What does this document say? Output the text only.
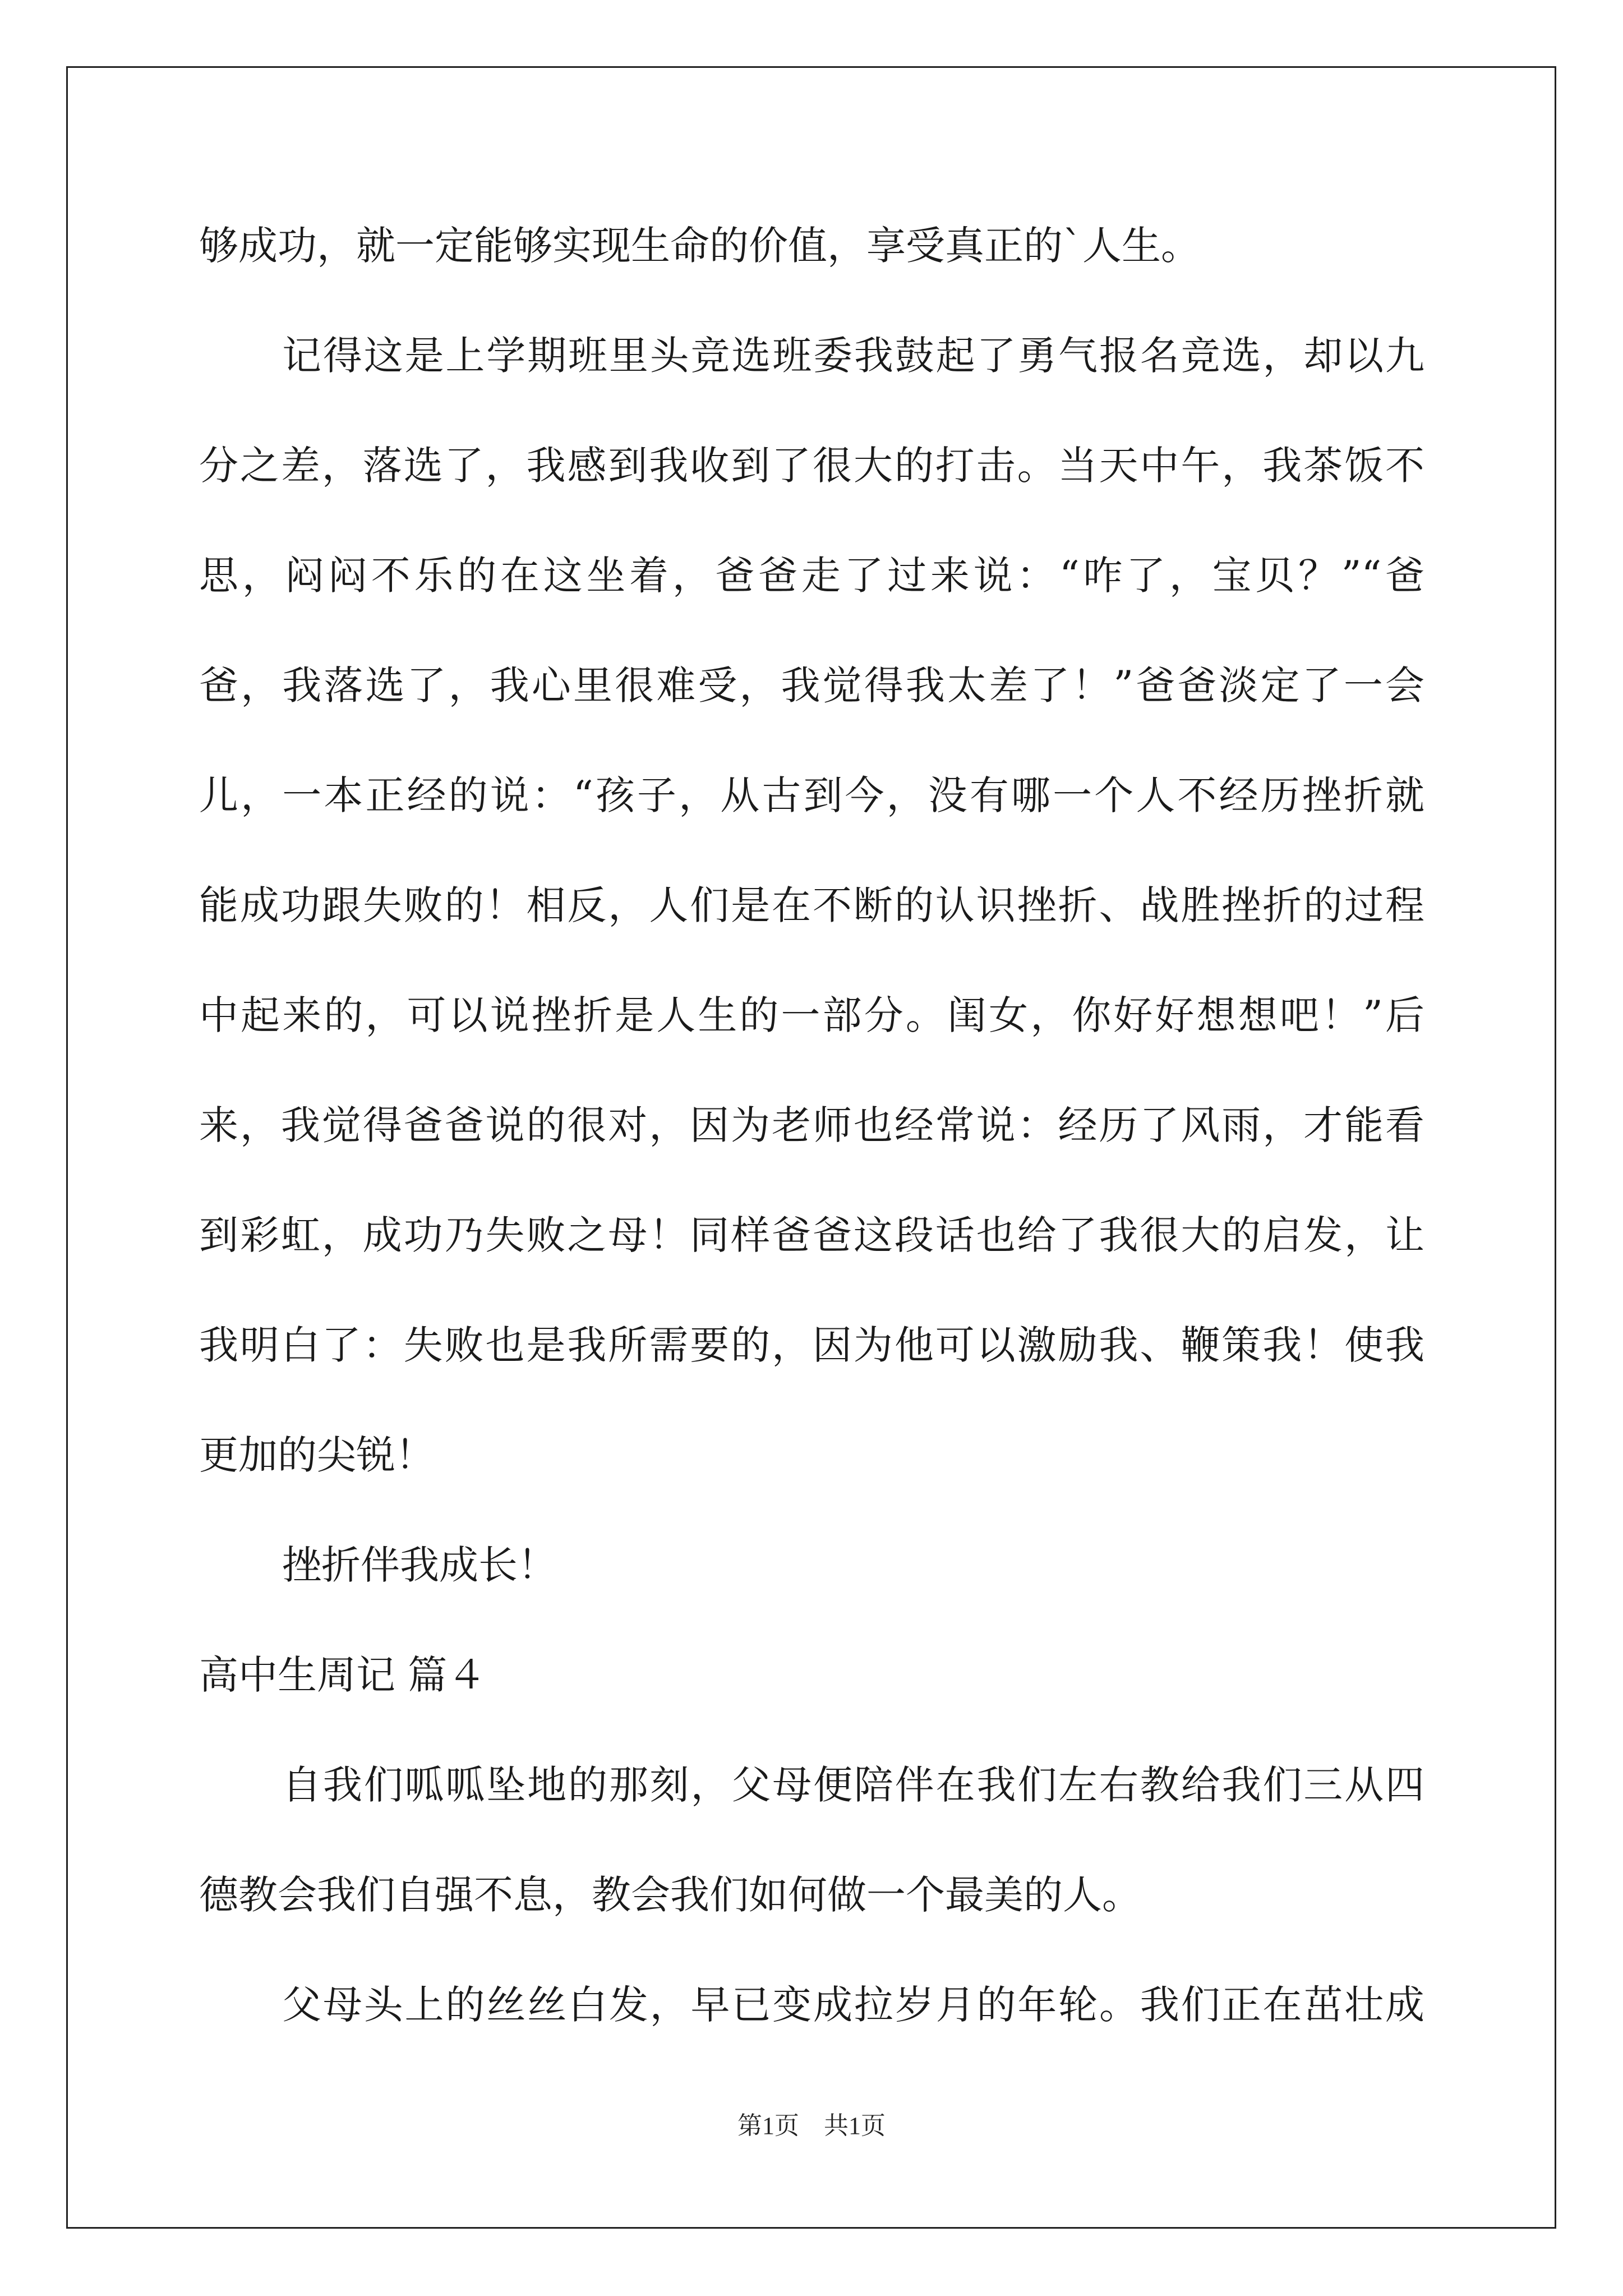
够成功，就一定能够实现生命的价值，享受真正的`人生。
记得这是上学期班里头竞选班委我鼓起了勇气报名竞选，却以九
分之差，落选了，我感到我收到了很大的打击。当天中午，我茶饭不
思，闷闷不乐的在这坐着，爸爸走了过来说：“咋了，宝贝？”“爸
爸，我落选了，我心里很难受，我觉得我太差了！”爸爸淡定了一会
儿，一本正经的说：“孩子，从古到今，没有哪一个人不经历挫折就
能成功跟失败的！相反，人们是在不断的认识挫折、战胜挫折的过程
中起来的，可以说挫折是人生的一部分。闺女，你好好想想吧！”后
来，我觉得爸爸说的很对，因为老师也经常说：经历了风雨，才能看
到彩虹，成功乃失败之母！同样爸爸这段话也给了我很大的启发，让
我明白了：失败也是我所需要的，因为他可以激励我、鞭策我！使我
更加的尖锐！
挫折伴我成长！
高中生周记 篇４
自我们呱呱坠地的那刻，父母便陪伴在我们左右教给我们三从四
德教会我们自强不息，教会我们如何做一个最美的人。
父母头上的丝丝白发，早已变成拉岁月的年轮。我们正在茁壮成
第1页　共1页
